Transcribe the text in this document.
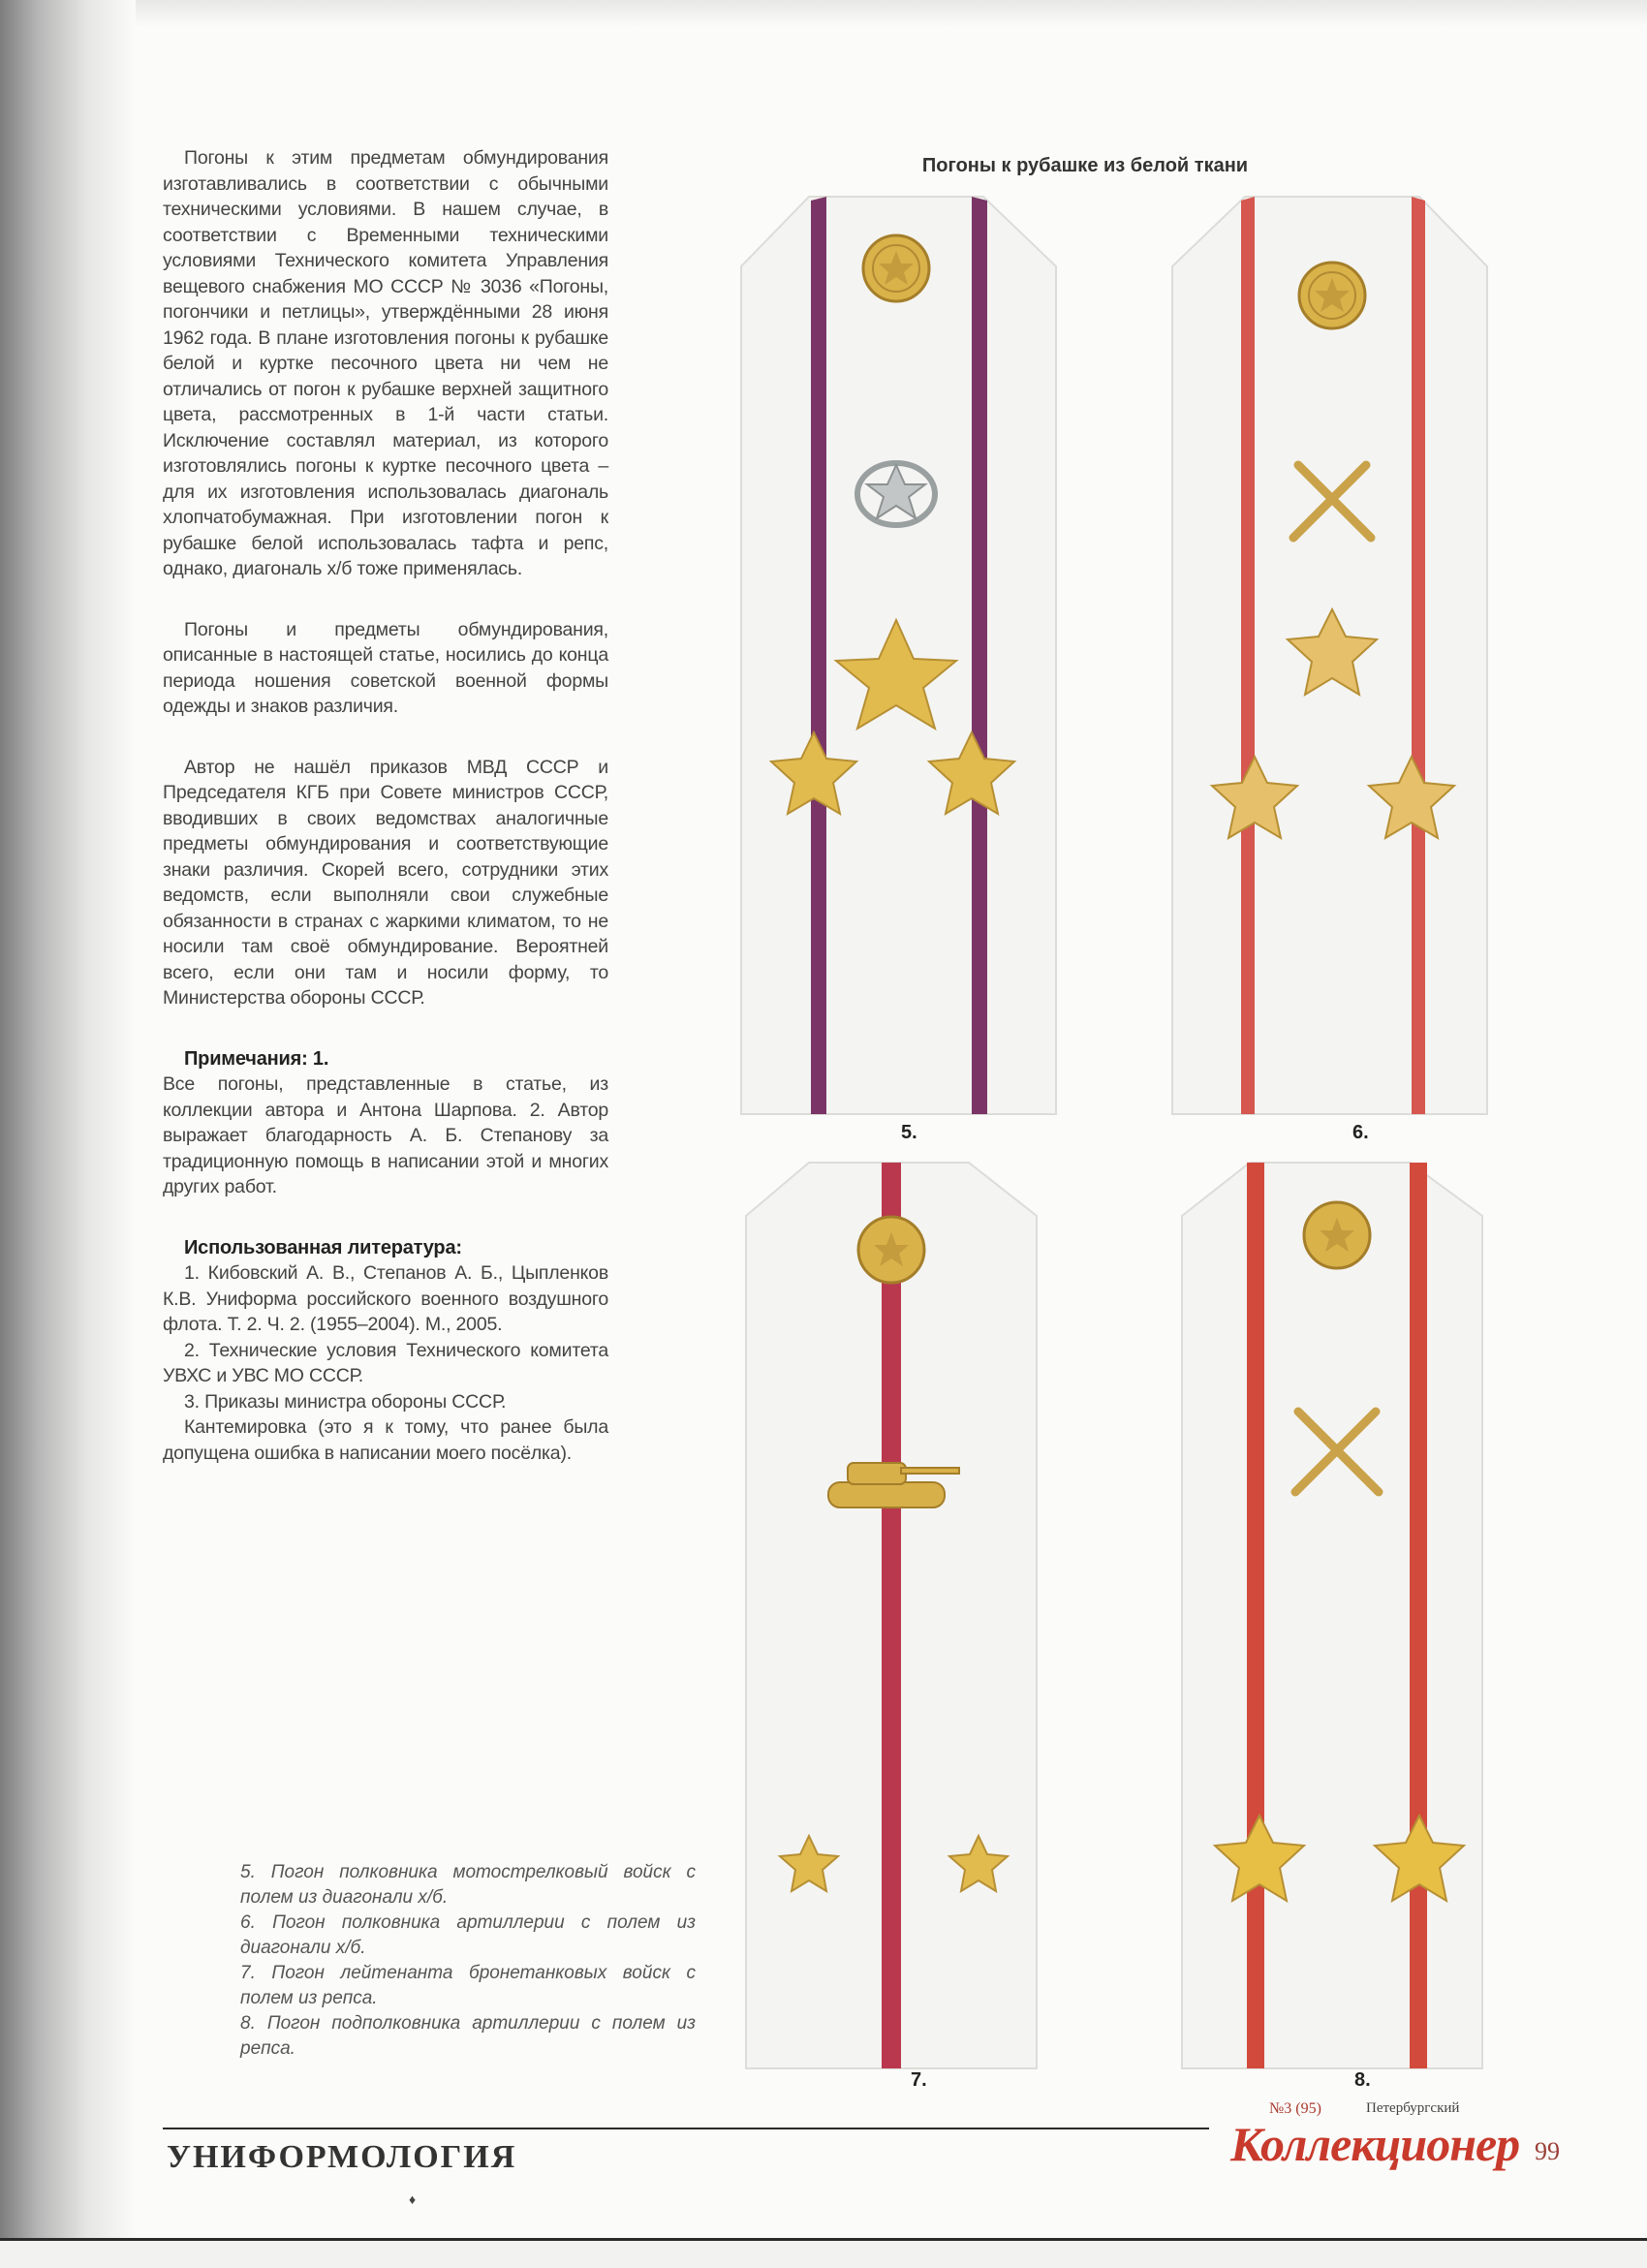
Погоны к этим предметам обмундирования изготавливались в соответствии с обычными техническими условиями. В нашем случае, в соответствии с Временными техническими условиями Технического комитета Управления вещевого снабжения МО СССР № 3036 «Погоны, погончики и петлицы», утверждёнными 28 июня 1962 года. В плане изготовления погоны к рубашке белой и куртке песочного цвета ни чем не отличались от погон к рубашке верхней защитного цвета, рассмотренных в 1-й части статьи. Исключение составлял материал, из которого изготовлялись погоны к куртке песочного цвета – для их изготовления использовалась диагональ хлопчатобумажная. При изготовлении погон к рубашке белой использовалась тафта и репс, однако, диагональ х/б тоже применялась.

Погоны и предметы обмундирования, описанные в настоящей статье, носились до конца периода ношения советской военной формы одежды и знаков различия.

Автор не нашёл приказов МВД СССР и Председателя КГБ при Совете министров СССР, вводивших в своих ведомствах аналогичные предметы обмундирования и соответствующие знаки различия. Скорей всего, сотрудники этих ведомств, если выполняли свои служебные обязанности в странах с жаркими климатом, то не носили там своё обмундирование. Вероятней всего, если они там и носили форму, то Министерства обороны СССР.

Примечания: 1.

Все погоны, представленные в статье, из коллекции автора и Антона Шарпова. 2. Автор выражает благодарность А. Б. Степанову за традиционную помощь в написании этой и многих других работ.

Использованная литература:

1. Кибовский А. В., Степанов А. Б., Цыпленков К.В. Униформа российского военного воздушного флота. Т. 2. Ч. 2. (1955–2004). М., 2005.

2. Технические условия Технического комитета УВХС и УВС МО СССР.

3. Приказы министра обороны СССР.

Кантемировка (это я к тому, что ранее была допущена ошибка в написании моего посёлка).

Погоны к рубашке из белой ткани
5.	6.
7.	8.

5. Погон полковника мотострелковый войск с полем из диагонали х/б.

6. Погон полковника артиллерии с полем из диагонали х/б.

7. Погон лейтенанта бронетанковых войск с полем из репса.

8. Погон подполковника артиллерии с полем из репса.

УНИФОРМОЛОГИЯ
№3 (95)	Петербургский
Коллекционер 99
♦
